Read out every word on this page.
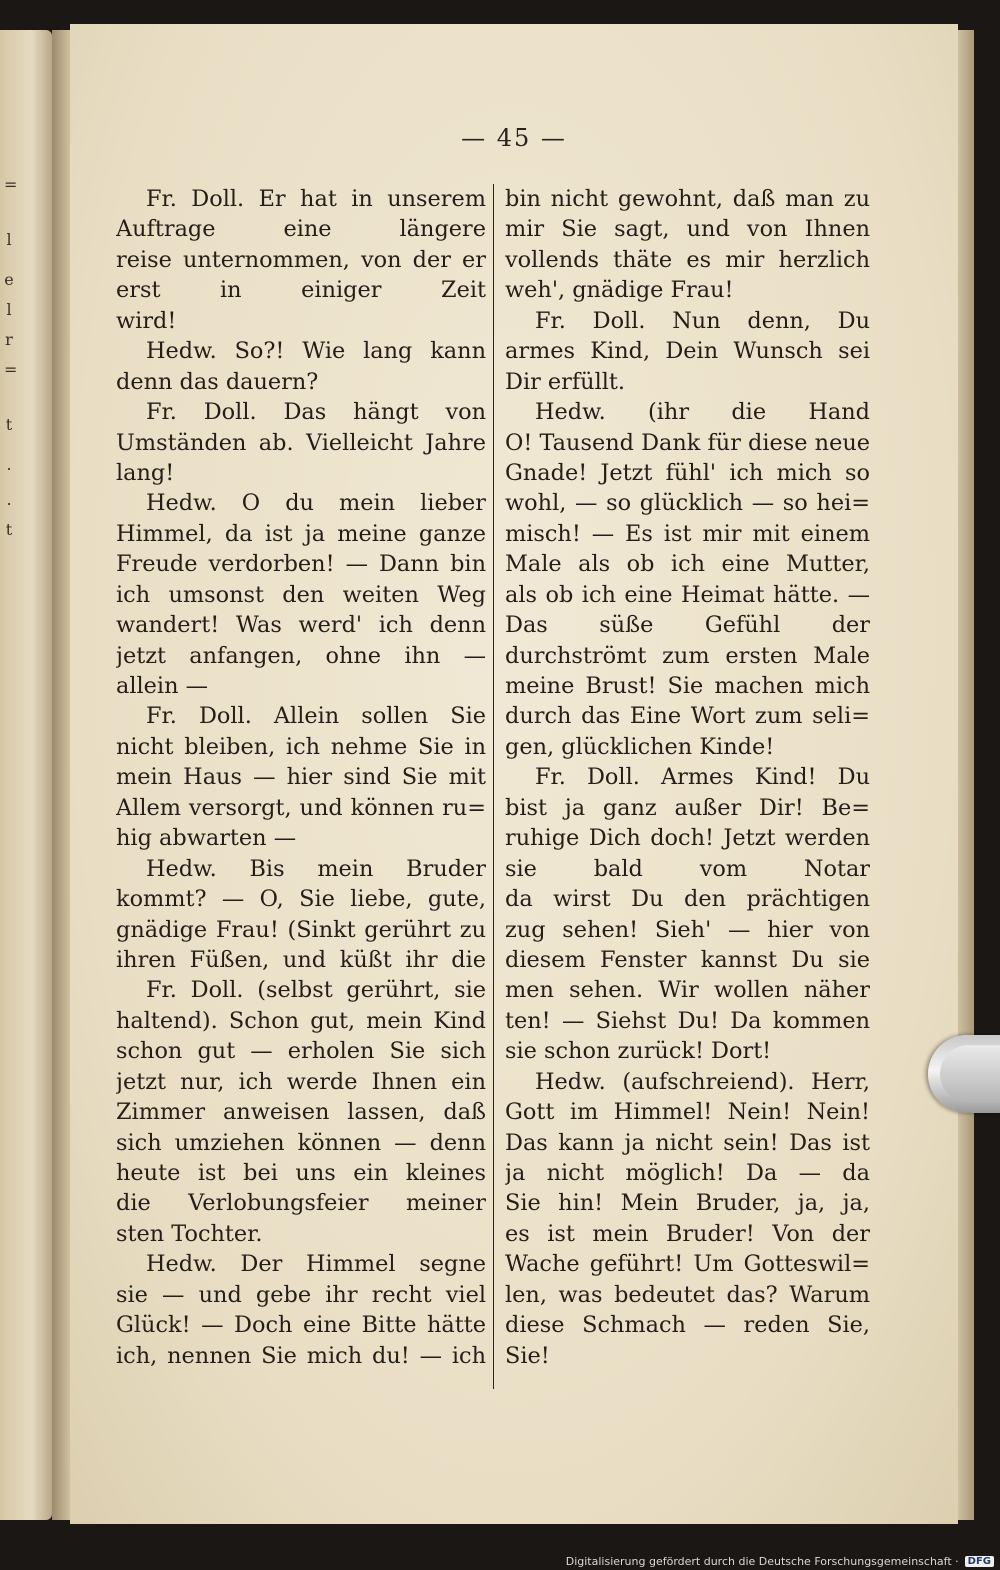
=
l
e
l
r
=
t
.
.
t
— 45 —
Fr. Doll. Er hat in unserem
Auftrage eine längere
reise unternommen, von der er
erst in einiger Zeit
wird!
Hedw. So?! Wie lang kann
denn das dauern?
Fr. Doll. Das hängt von
Umständen ab. Vielleicht Jahre
lang!
Hedw. O du mein lieber
Himmel, da ist ja meine ganze
Freude verdorben! — Dann bin
ich umsonst den weiten Weg
wandert! Was werd' ich denn
jetzt anfangen, ohne ihn —
allein —
Fr. Doll. Allein sollen Sie
nicht bleiben, ich nehme Sie in
mein Haus — hier sind Sie mit
Allem versorgt, und können ru=
hig abwarten —
Hedw. Bis mein Bruder
kommt? — O, Sie liebe, gute,
gnädige Frau! (Sinkt gerührt zu
ihren Füßen, und küßt ihr die
Fr. Doll. (selbst gerührt, sie
haltend). Schon gut, mein Kind
schon gut — erholen Sie sich
jetzt nur, ich werde Ihnen ein
Zimmer anweisen lassen, daß
sich umziehen können — denn
heute ist bei uns ein kleines
die Verlobungsfeier meiner
sten Tochter.
Hedw. Der Himmel segne
sie — und gebe ihr recht viel
Glück! — Doch eine Bitte hätte
ich, nennen Sie mich du! — ich
bin nicht gewohnt, daß man zu
mir Sie sagt, und von Ihnen
vollends thäte es mir herzlich
weh', gnädige Frau!
Fr. Doll. Nun denn, Du
armes Kind, Dein Wunsch sei
Dir erfüllt.
Hedw. (ihr die Hand
O! Tausend Dank für diese neue
Gnade! Jetzt fühl' ich mich so
wohl, — so glücklich — so hei=
misch! — Es ist mir mit einem
Male als ob ich eine Mutter,
als ob ich eine Heimat hätte. —
Das süße Gefühl der
durchströmt zum ersten Male
meine Brust! Sie machen mich
durch das Eine Wort zum seli=
gen, glücklichen Kinde!
Fr. Doll. Armes Kind! Du
bist ja ganz außer Dir! Be=
ruhige Dich doch! Jetzt werden
sie bald vom Notar
da wirst Du den prächtigen
zug sehen! Sieh' — hier von
diesem Fenster kannst Du sie
men sehen. Wir wollen näher
ten! — Siehst Du! Da kommen
sie schon zurück! Dort!
Hedw. (aufschreiend). Herr,
Gott im Himmel! Nein! Nein!
Das kann ja nicht sein! Das ist
ja nicht möglich! Da — da
Sie hin! Mein Bruder, ja, ja,
es ist mein Bruder! Von der
Wache geführt! Um Gotteswil=
len, was bedeutet das? Warum
diese Schmach — reden Sie,
Sie!
Digitalisierung gefördert durch die Deutsche Forschungsgemeinschaft · DFG
